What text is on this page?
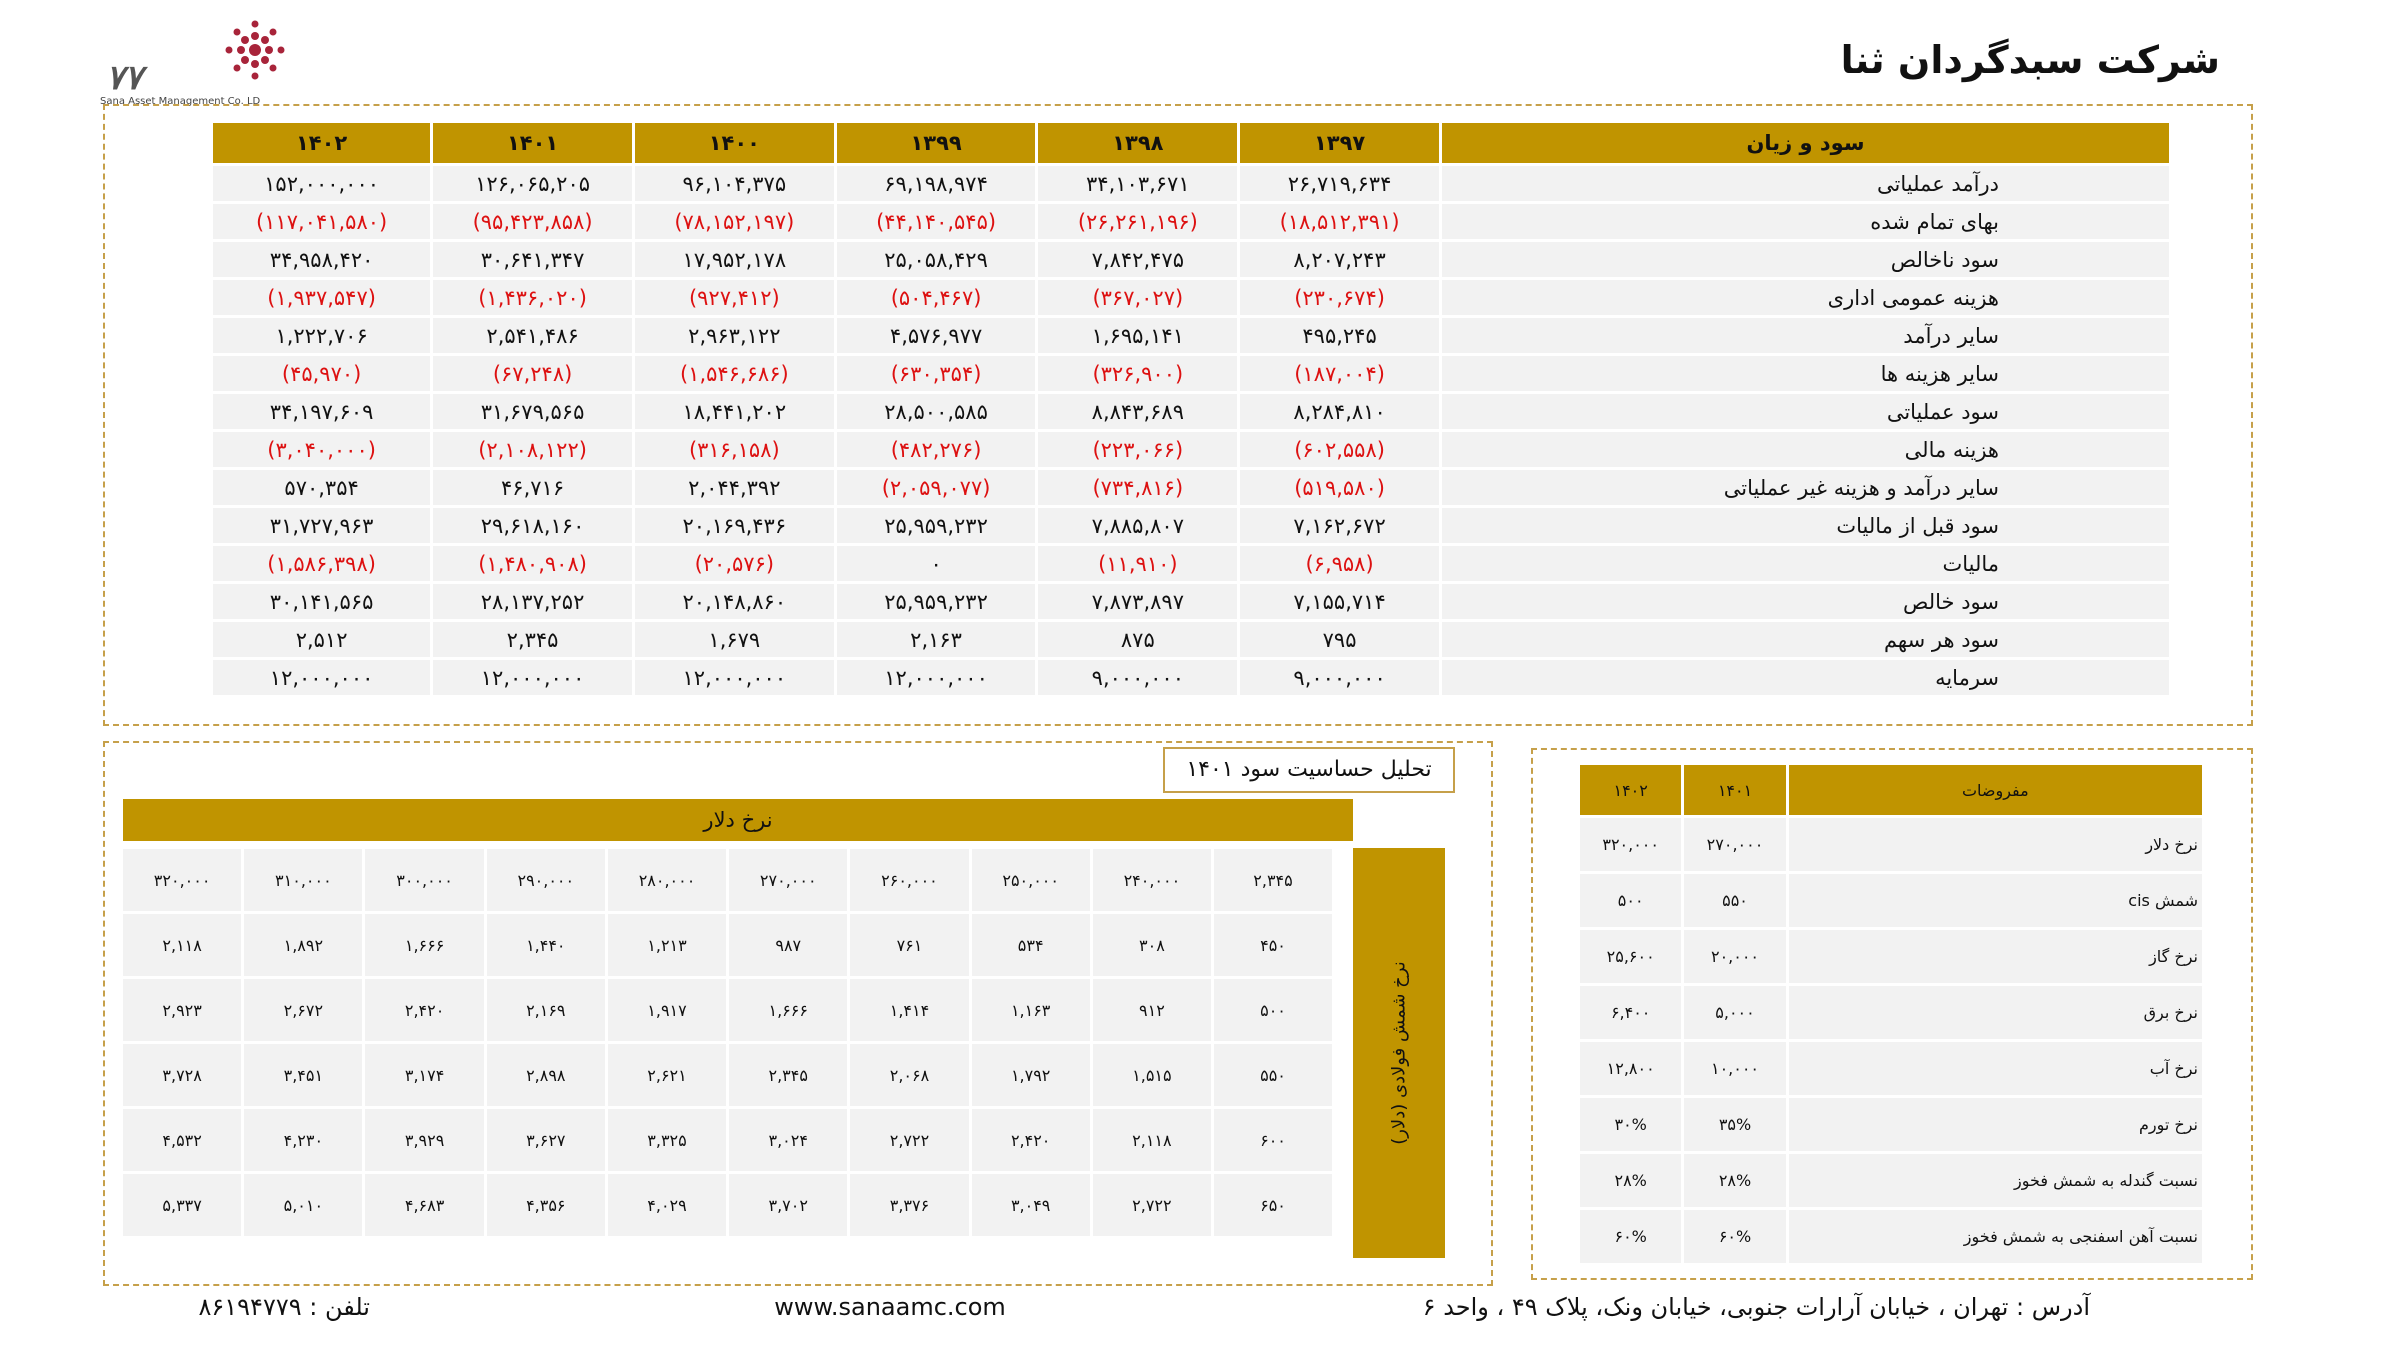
شرکت سبدگردان ثنا
۷۷
Sana Asset Management Co. LD
سود و زیان	۱۳۹۷	۱۳۹۸	۱۳۹۹	۱۴۰۰	۱۴۰۱	۱۴۰۲
درآمد عملیاتی	۲۶,۷۱۹,۶۳۴	۳۴,۱۰۳,۶۷۱	۶۹,۱۹۸,۹۷۴	۹۶,۱۰۴,۳۷۵	۱۲۶,۰۶۵,۲۰۵	۱۵۲,۰۰۰,۰۰۰
بهای تمام شده	(۱۸,۵۱۲,۳۹۱)	(۲۶,۲۶۱,۱۹۶)	(۴۴,۱۴۰,۵۴۵)	(۷۸,۱۵۲,۱۹۷)	(۹۵,۴۲۳,۸۵۸)	(۱۱۷,۰۴۱,۵۸۰)
سود ناخالص	۸,۲۰۷,۲۴۳	۷,۸۴۲,۴۷۵	۲۵,۰۵۸,۴۲۹	۱۷,۹۵۲,۱۷۸	۳۰,۶۴۱,۳۴۷	۳۴,۹۵۸,۴۲۰
هزینه عمومی اداری	(۲۳۰,۶۷۴)	(۳۶۷,۰۲۷)	(۵۰۴,۴۶۷)	(۹۲۷,۴۱۲)	(۱,۴۳۶,۰۲۰)	(۱,۹۳۷,۵۴۷)
سایر درآمد	۴۹۵,۲۴۵	۱,۶۹۵,۱۴۱	۴,۵۷۶,۹۷۷	۲,۹۶۳,۱۲۲	۲,۵۴۱,۴۸۶	۱,۲۲۲,۷۰۶
سایر هزینه ها	(۱۸۷,۰۰۴)	(۳۲۶,۹۰۰)	(۶۳۰,۳۵۴)	(۱,۵۴۶,۶۸۶)	(۶۷,۲۴۸)	(۴۵,۹۷۰)
سود عملیاتی	۸,۲۸۴,۸۱۰	۸,۸۴۳,۶۸۹	۲۸,۵۰۰,۵۸۵	۱۸,۴۴۱,۲۰۲	۳۱,۶۷۹,۵۶۵	۳۴,۱۹۷,۶۰۹
هزینه مالی	(۶۰۲,۵۵۸)	(۲۲۳,۰۶۶)	(۴۸۲,۲۷۶)	(۳۱۶,۱۵۸)	(۲,۱۰۸,۱۲۲)	(۳,۰۴۰,۰۰۰)
سایر درآمد و هزینه غیر عملیاتی	(۵۱۹,۵۸۰)	(۷۳۴,۸۱۶)	(۲,۰۵۹,۰۷۷)	۲,۰۴۴,۳۹۲	۴۶,۷۱۶	۵۷۰,۳۵۴
سود قبل از مالیات	۷,۱۶۲,۶۷۲	۷,۸۸۵,۸۰۷	۲۵,۹۵۹,۲۳۲	۲۰,۱۶۹,۴۳۶	۲۹,۶۱۸,۱۶۰	۳۱,۷۲۷,۹۶۳
مالیات	(۶,۹۵۸)	(۱۱,۹۱۰)	۰	(۲۰,۵۷۶)	(۱,۴۸۰,۹۰۸)	(۱,۵۸۶,۳۹۸)
سود خالص	۷,۱۵۵,۷۱۴	۷,۸۷۳,۸۹۷	۲۵,۹۵۹,۲۳۲	۲۰,۱۴۸,۸۶۰	۲۸,۱۳۷,۲۵۲	۳۰,۱۴۱,۵۶۵
سود هر سهم	۷۹۵	۸۷۵	۲,۱۶۳	۱,۶۷۹	۲,۳۴۵	۲,۵۱۲
سرمایه	۹,۰۰۰,۰۰۰	۹,۰۰۰,۰۰۰	۱۲,۰۰۰,۰۰۰	۱۲,۰۰۰,۰۰۰	۱۲,۰۰۰,۰۰۰	۱۲,۰۰۰,۰۰۰
تحلیل حساسیت سود ۱۴۰۱
نرخ دلار
نرخ شمش فولادی (دلار)
۲,۳۴۵	۲۴۰,۰۰۰	۲۵۰,۰۰۰	۲۶۰,۰۰۰	۲۷۰,۰۰۰	۲۸۰,۰۰۰	۲۹۰,۰۰۰	۳۰۰,۰۰۰	۳۱۰,۰۰۰	۳۲۰,۰۰۰
۴۵۰	۳۰۸	۵۳۴	۷۶۱	۹۸۷	۱,۲۱۳	۱,۴۴۰	۱,۶۶۶	۱,۸۹۲	۲,۱۱۸
۵۰۰	۹۱۲	۱,۱۶۳	۱,۴۱۴	۱,۶۶۶	۱,۹۱۷	۲,۱۶۹	۲,۴۲۰	۲,۶۷۲	۲,۹۲۳
۵۵۰	۱,۵۱۵	۱,۷۹۲	۲,۰۶۸	۲,۳۴۵	۲,۶۲۱	۲,۸۹۸	۳,۱۷۴	۳,۴۵۱	۳,۷۲۸
۶۰۰	۲,۱۱۸	۲,۴۲۰	۲,۷۲۲	۳,۰۲۴	۳,۳۲۵	۳,۶۲۷	۳,۹۲۹	۴,۲۳۰	۴,۵۳۲
۶۵۰	۲,۷۲۲	۳,۰۴۹	۳,۳۷۶	۳,۷۰۲	۴,۰۲۹	۴,۳۵۶	۴,۶۸۳	۵,۰۱۰	۵,۳۳۷
مفروضات	۱۴۰۱	۱۴۰۲
نرخ دلار	۲۷۰,۰۰۰	۳۲۰,۰۰۰
شمش cis	۵۵۰	۵۰۰
نرخ گاز	۲۰,۰۰۰	۲۵,۶۰۰
نرخ برق	۵,۰۰۰	۶,۴۰۰
نرخ آب	۱۰,۰۰۰	۱۲,۸۰۰
نرخ تورم	۳۵%	۳۰%
نسبت گندله به شمش فخوز	۲۸%	۲۸%
نسبت آهن اسفنجی به شمش فخوز	۶۰%	۶۰%
آدرس : تهران ، خیابان آرارات جنوبی، خیابان ونک، پلاک ۴۹ ، واحد ۶
www.sanaamc.com
تلفن : ۸۶۱۹۴۷۷۹
